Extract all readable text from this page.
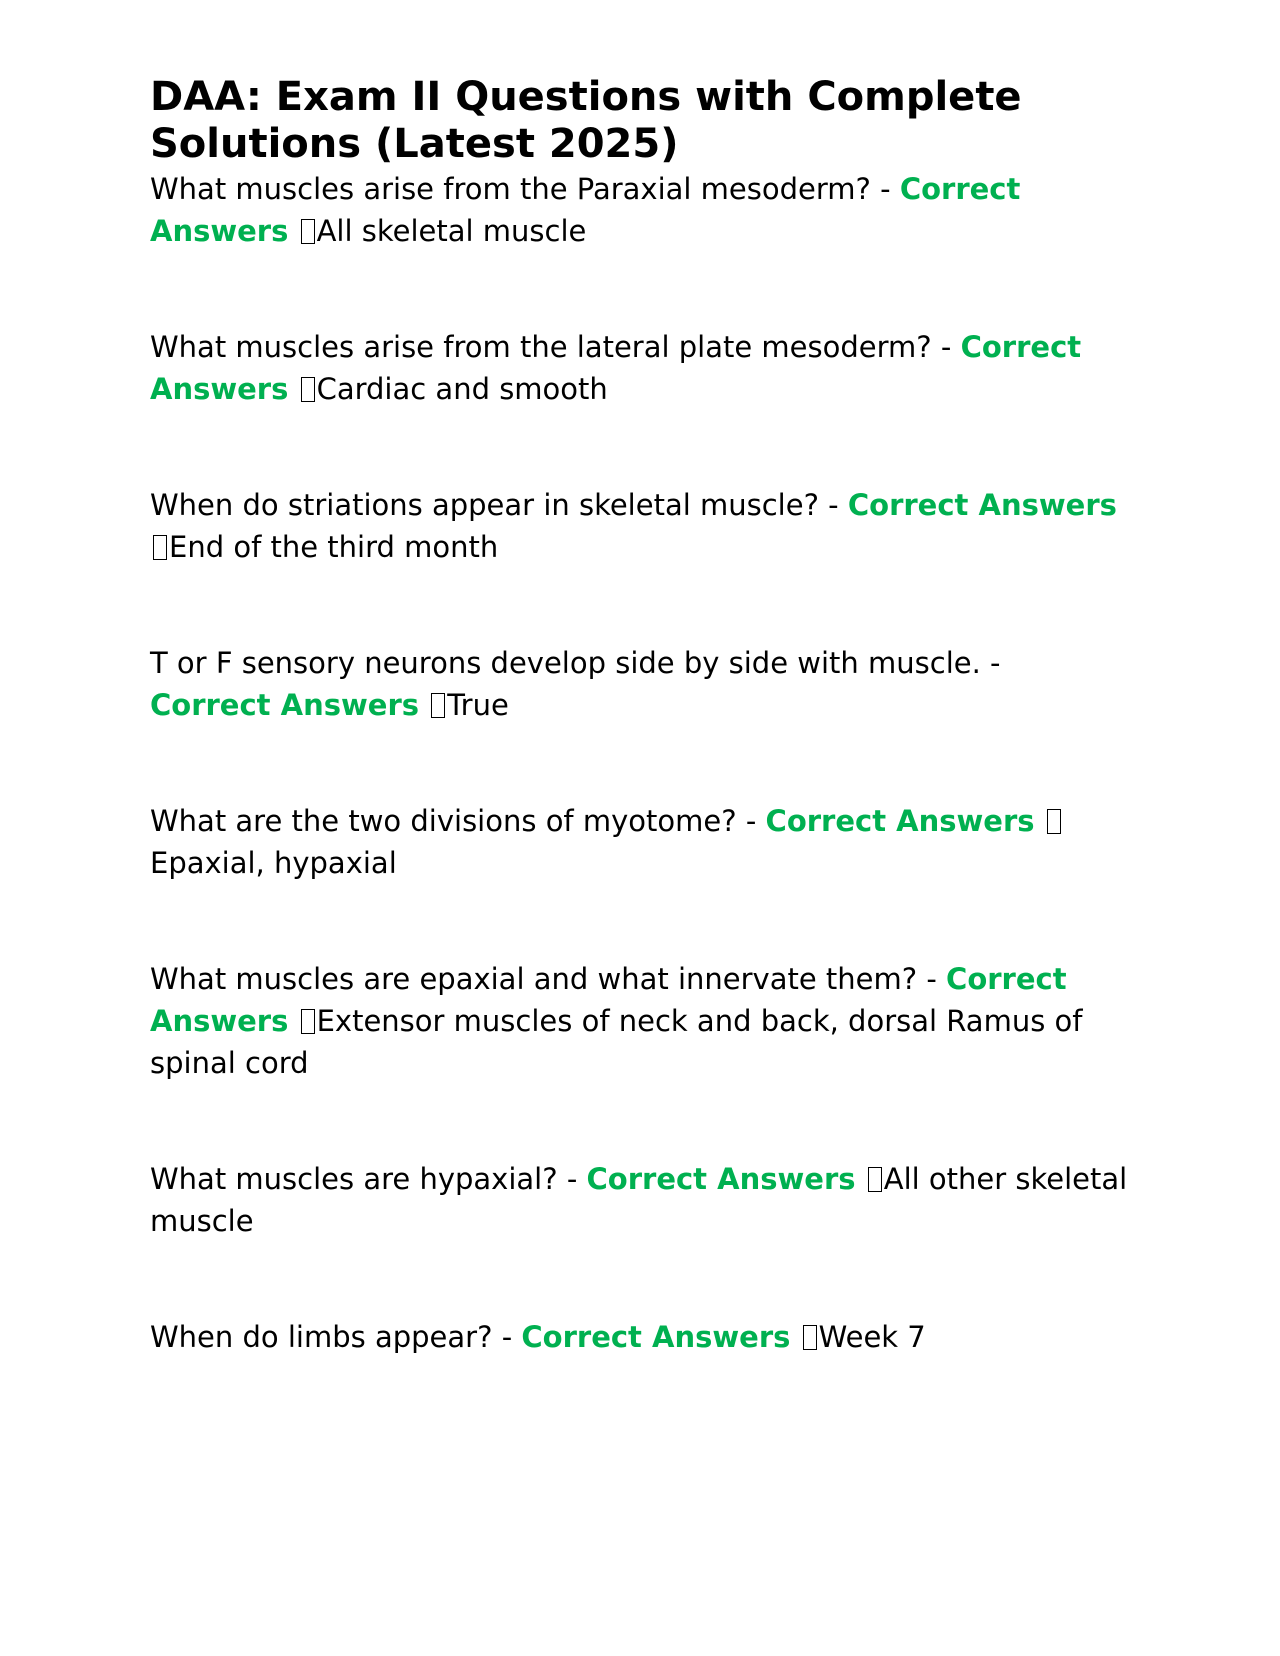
DAA: Exam II Questions with Complete Solutions (Latest 2025)

What muscles arise from the Paraxial mesoderm? - Correct Answers All skeletal muscle

What muscles arise from the lateral plate mesoderm? - Correct Answers Cardiac and smooth

When do striations appear in skeletal muscle? - Correct Answers End of the third month

T or F sensory neurons develop side by side with muscle. - Correct Answers True

What are the two divisions of myotome? - Correct Answers Epaxial, hypaxial

What muscles are epaxial and what innervate them? - Correct Answers Extensor muscles of neck and back, dorsal Ramus of spinal cord

What muscles are hypaxial? - Correct Answers All other skeletal muscle

When do limbs appear? - Correct Answers Week 7
